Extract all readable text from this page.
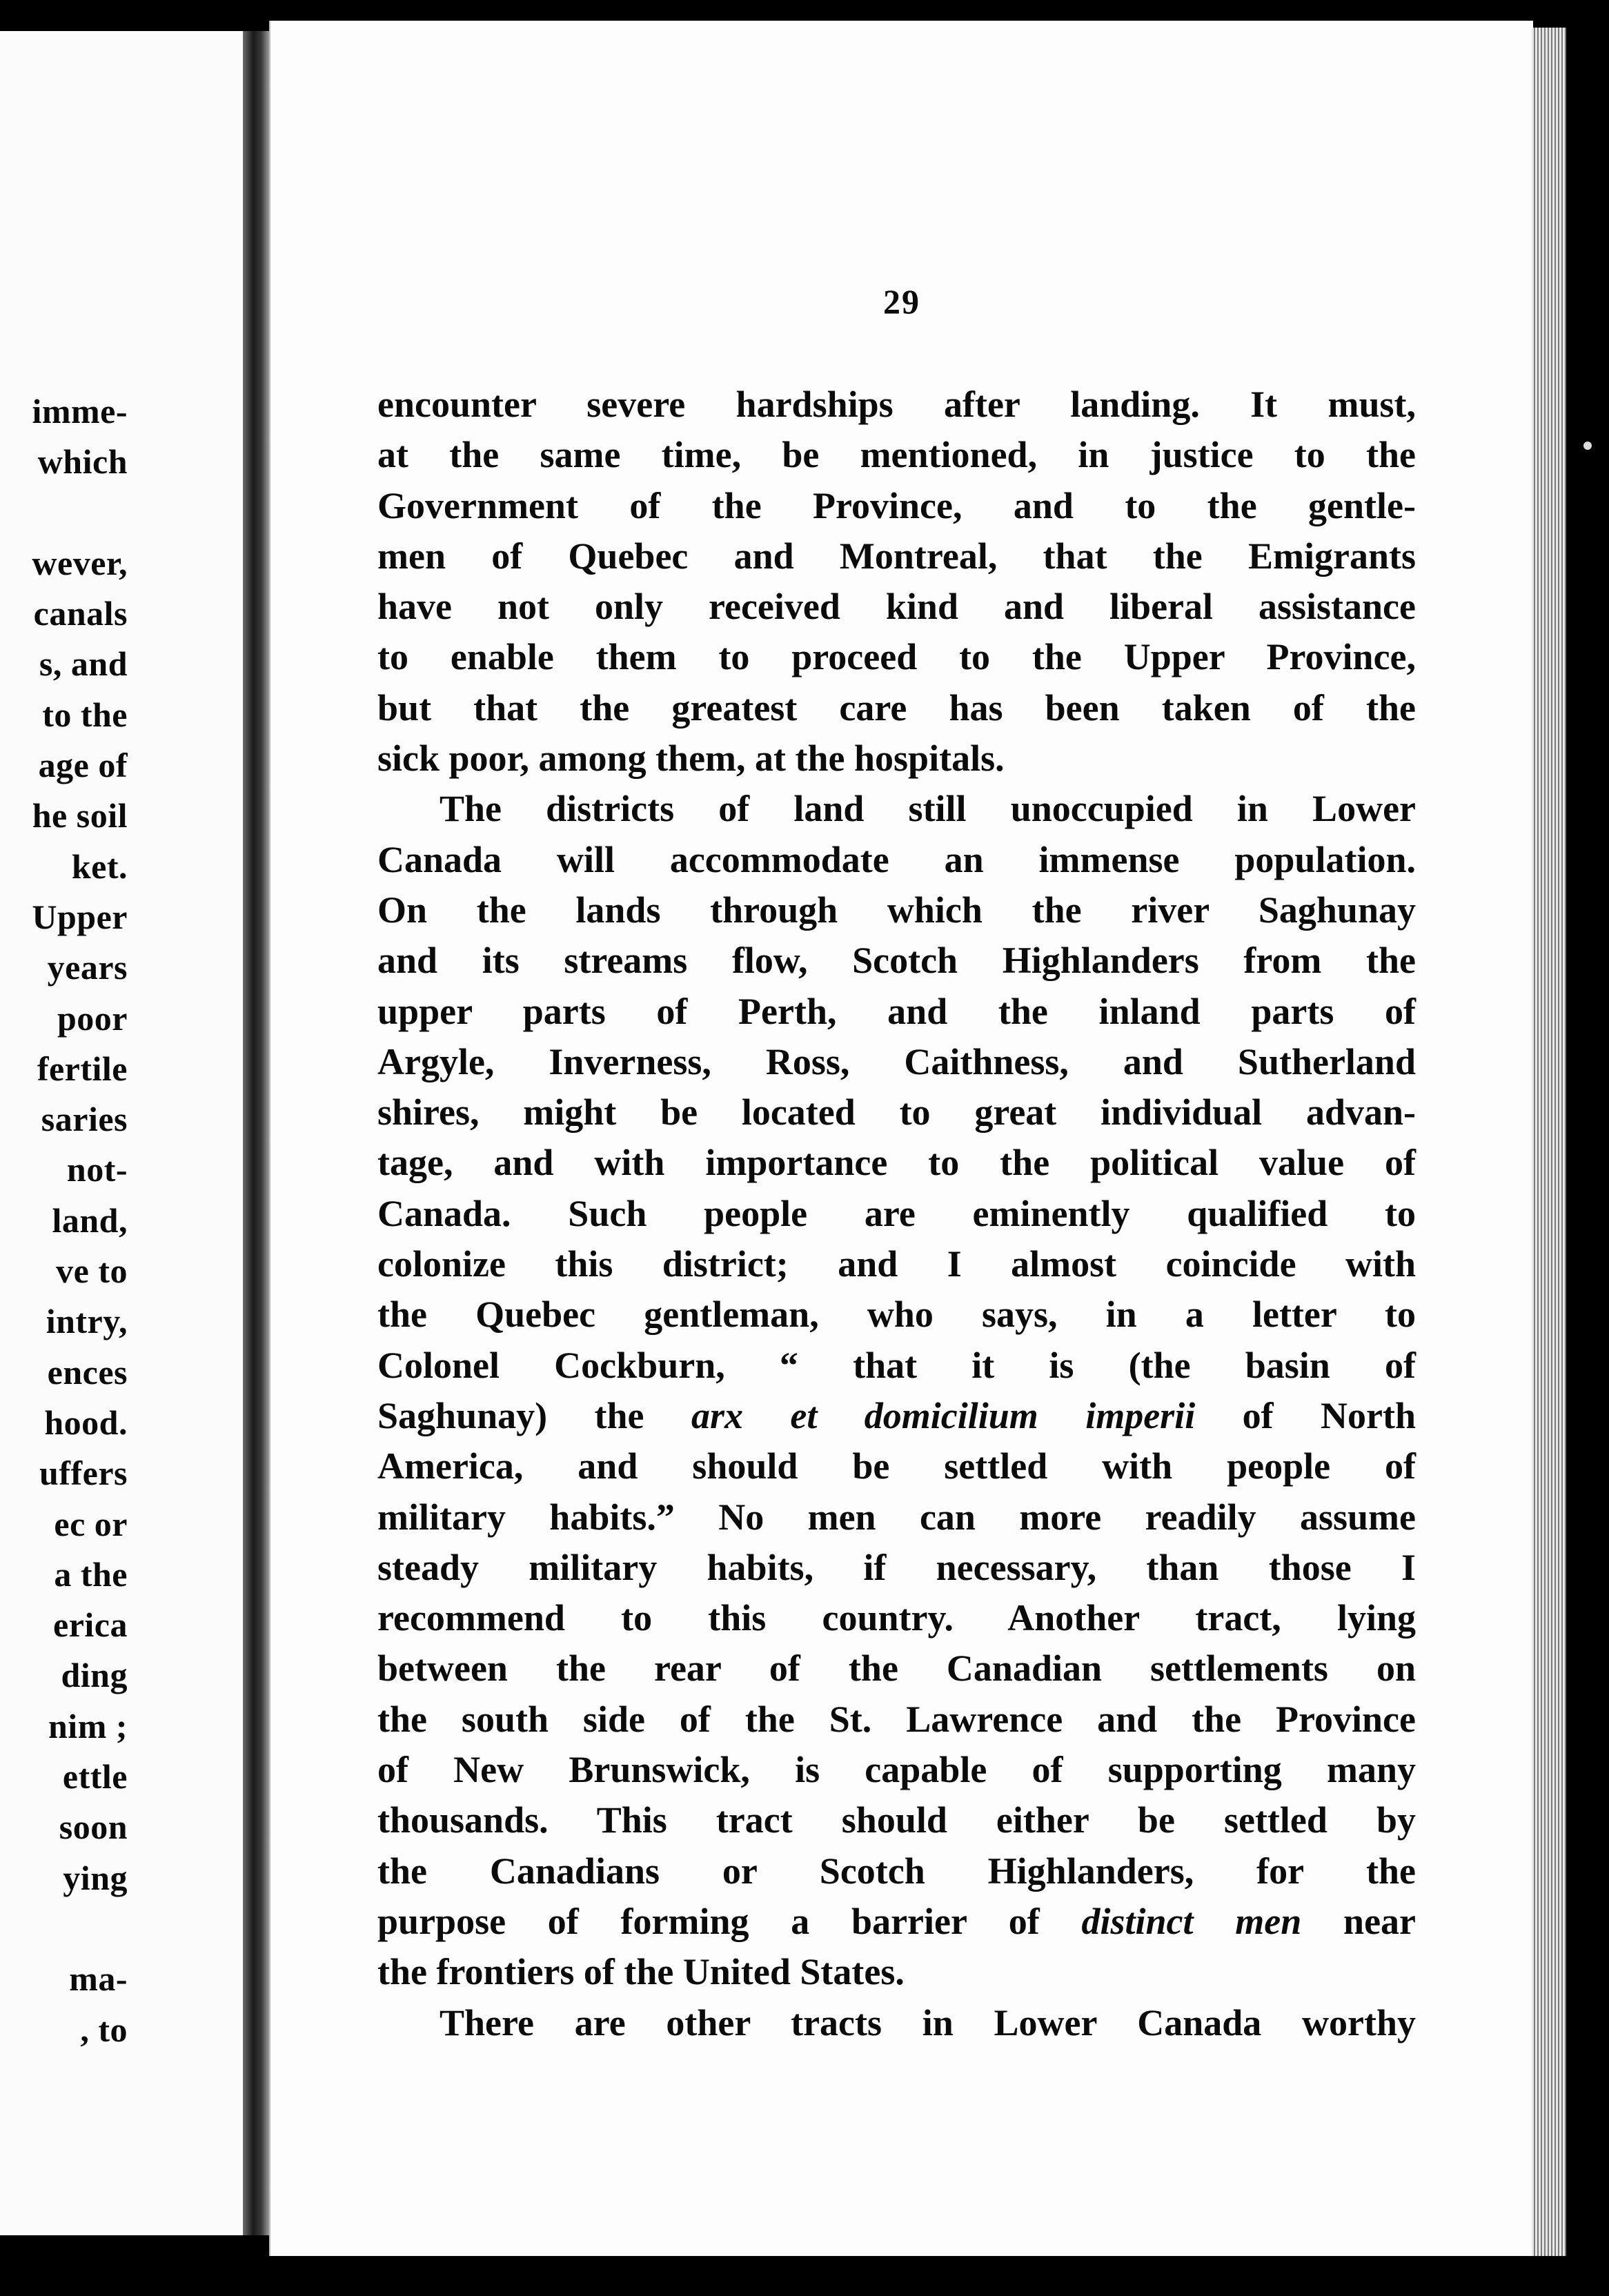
imme-
which
wever,
canals
s, and
to the
age of
he soil
ket.
Upper
years
poor
fertile
saries
not-
land,
ve to
intry,
ences
hood.
uffers
ec or
a the
erica
ding
nim ;
ettle
soon
ying
ma-
, to
29
encounter severe hardships after landing. It must,
at the same time, be mentioned, in justice to the
Government of the Province, and to the gentle-
men of Quebec and Montreal, that the Emigrants
have not only received kind and liberal assistance
to enable them to proceed to the Upper Province,
but that the greatest care has been taken of the
sick poor, among them, at the hospitals.
The districts of land still unoccupied in Lower
Canada will accommodate an immense population.
On the lands through which the river Saghunay
and its streams flow, Scotch Highlanders from the
upper parts of Perth, and the inland parts of
Argyle, Inverness, Ross, Caithness, and Sutherland
shires, might be located to great individual advan-
tage, and with importance to the political value of
Canada. Such people are eminently qualified to
colonize this district; and I almost coincide with
the Quebec gentleman, who says, in a letter to
Colonel Cockburn, “ that it is (the basin of
Saghunay) the arx et domicilium imperii of North
America, and should be settled with people of
military habits.” No men can more readily assume
steady military habits, if necessary, than those I
recommend to this country. Another tract, lying
between the rear of the Canadian settlements on
the south side of the St. Lawrence and the Province
of New Brunswick, is capable of supporting many
thousands. This tract should either be settled by
the Canadians or Scotch Highlanders, for the
purpose of forming a barrier of distinct men near
the frontiers of the United States.
There are other tracts in Lower Canada worthy
